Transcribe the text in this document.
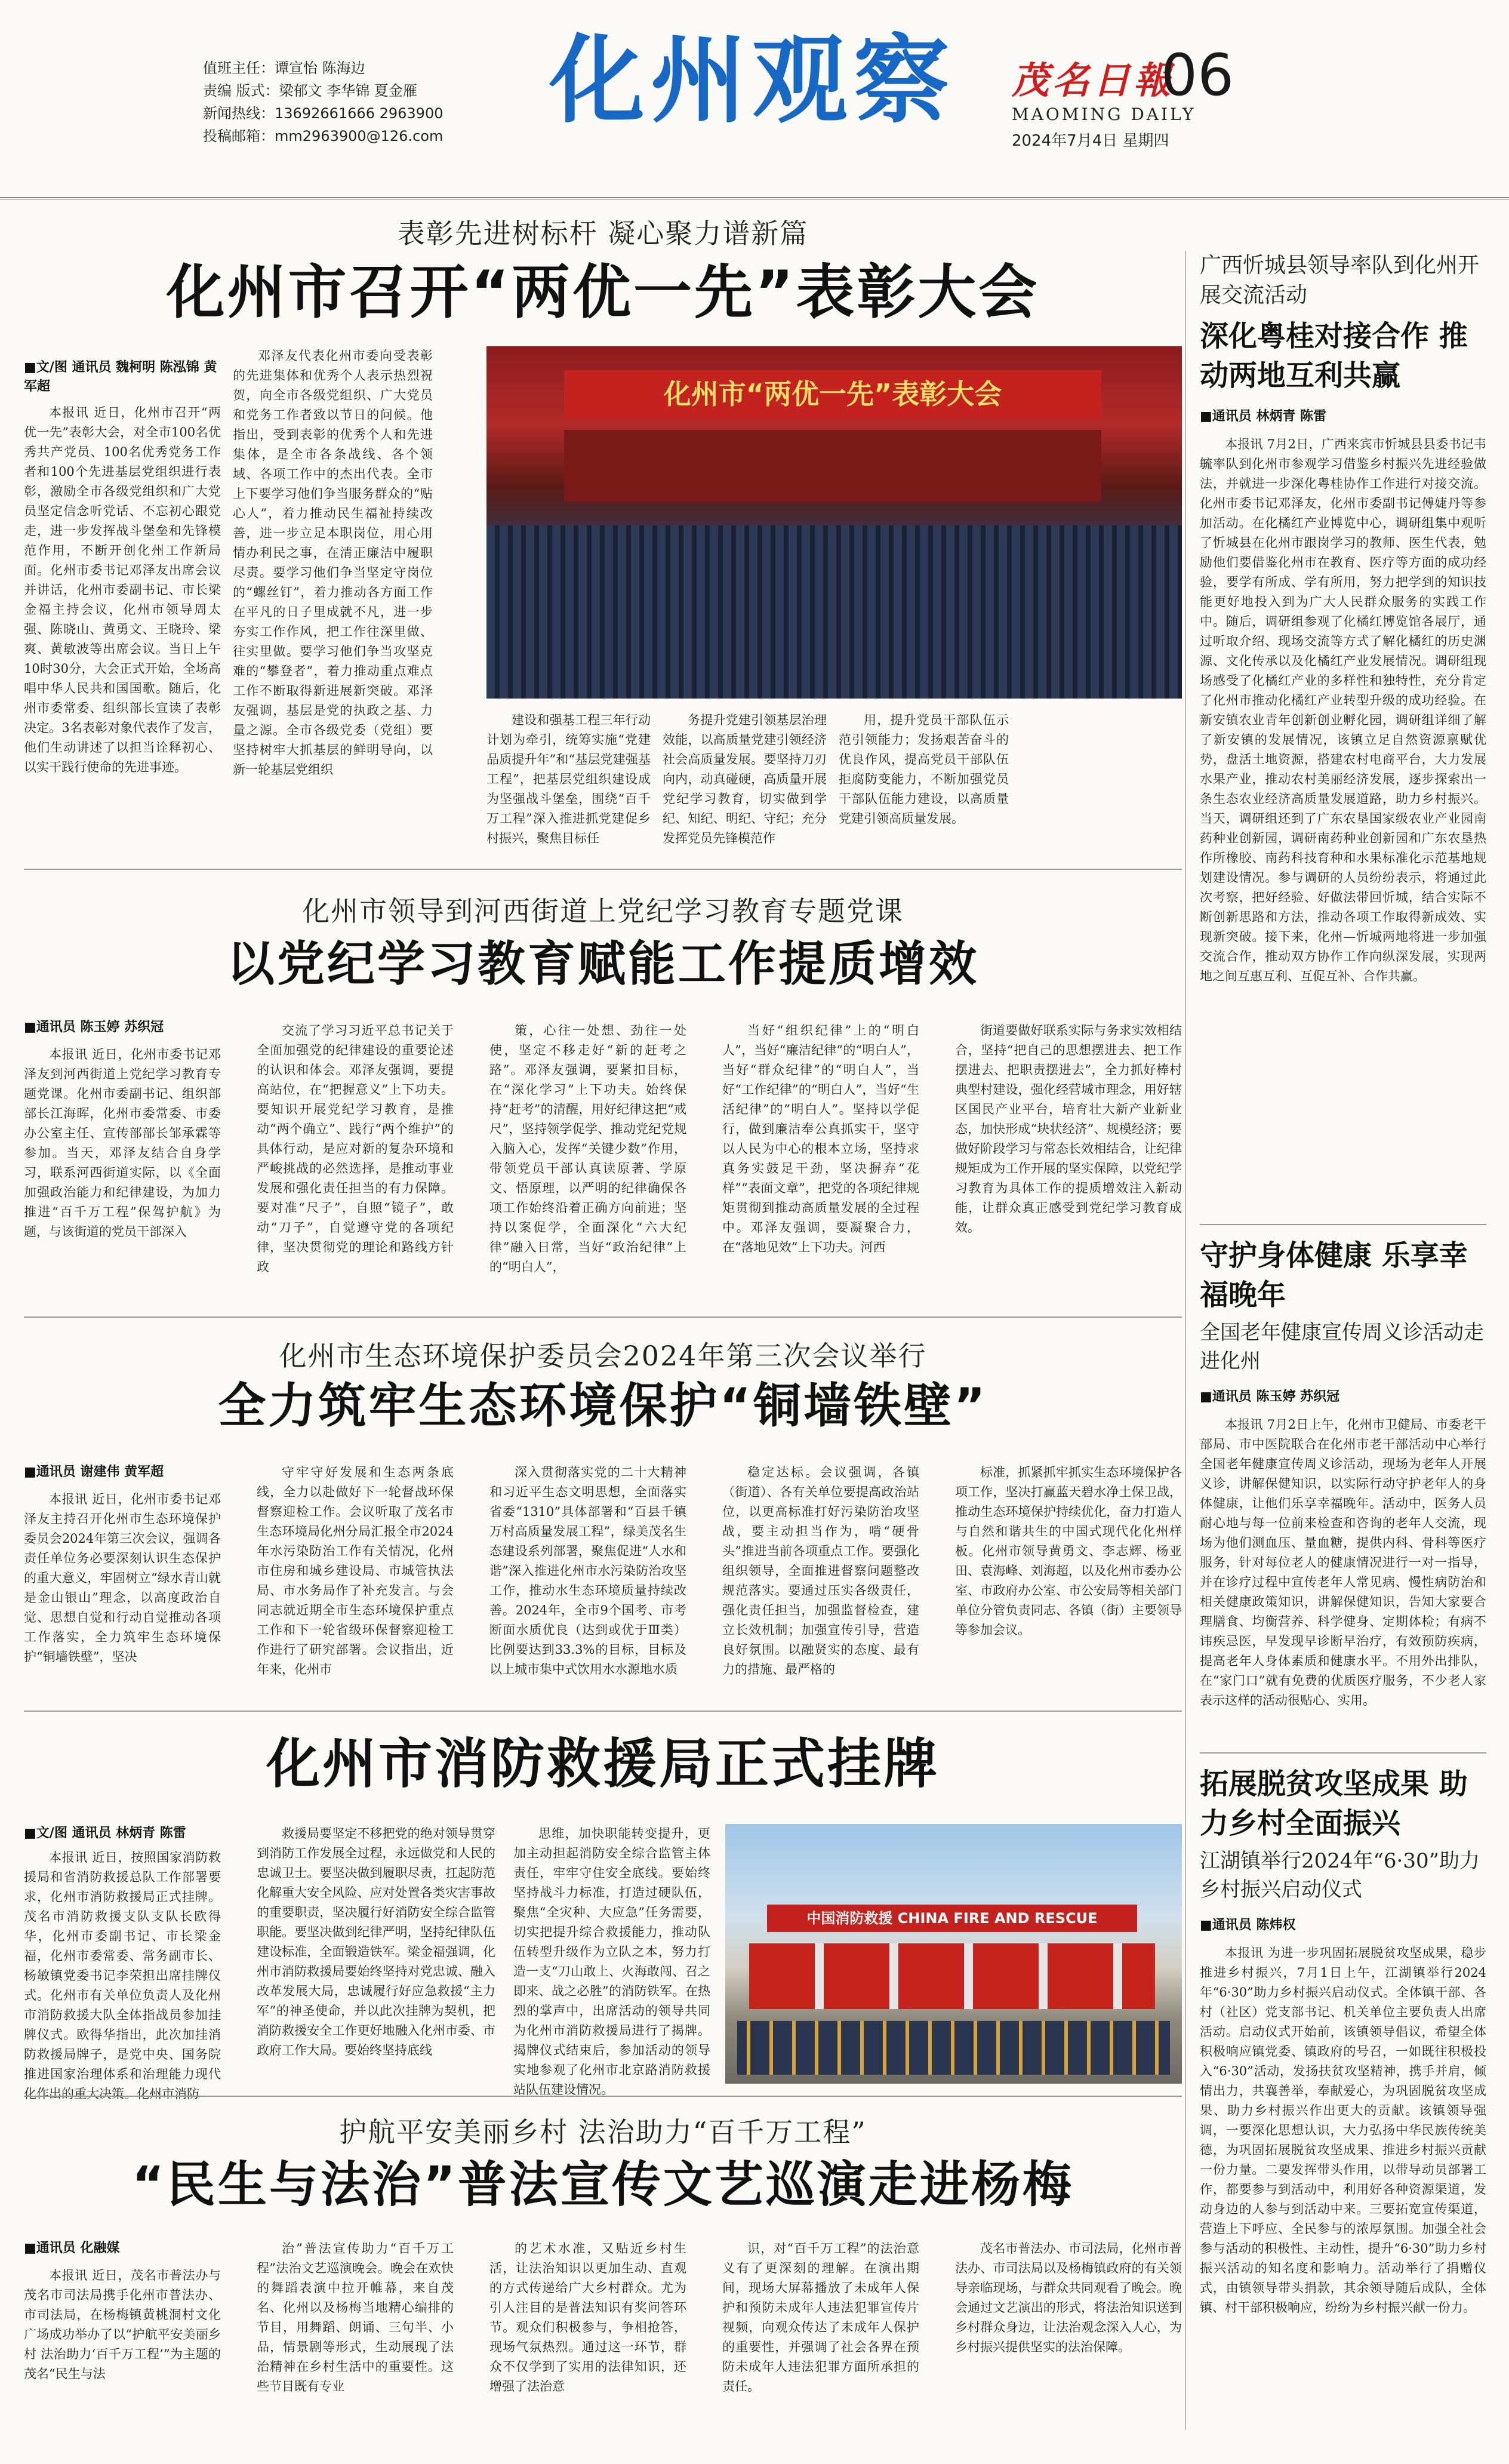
值班主任：谭宣怡 陈海边
责编 版式：梁郁文 李华锦 夏金雁
新闻热线：13692661666 2963900
投稿邮箱：mm2963900@126.com	化州观察	茂名日報
06
MAOMING DAILY
2024年7月4日 星期四
表彰先进树标杆 凝心聚力谱新篇
化州市召开“两优一先”表彰大会
■文/图 通讯员 魏柯明 陈泓锦 黄军超

本报讯 近日，化州市召开“两优一先”表彰大会，对全市100名优秀共产党员、100名优秀党务工作者和100个先进基层党组织进行表彰，激励全市各级党组织和广大党员坚定信念听党话、不忘初心跟党走，进一步发挥战斗堡垒和先锋模范作用，不断开创化州工作新局面。化州市委书记邓泽友出席会议并讲话，化州市委副书记、市长梁金福主持会议，化州市领导周太强、陈晓山、黄勇文、王晓玲、梁爽、黄敏波等出席会议。当日上午10时30分，大会正式开始，全场高唱中华人民共和国国歌。随后，化州市委常委、组织部长宣读了表彰决定。3名表彰对象代表作了发言，他们生动讲述了以担当诠释初心、以实干践行使命的先进事迹。

邓泽友代表化州市委向受表彰的先进集体和优秀个人表示热烈祝贺，向全市各级党组织、广大党员和党务工作者致以节日的问候。他指出，受到表彰的优秀个人和先进集体，是全市各条战线、各个领域、各项工作中的杰出代表。全市上下要学习他们争当服务群众的“贴心人”，着力推动民生福祉持续改善，进一步立足本职岗位，用心用情办利民之事，在清正廉洁中履职尽责。要学习他们争当坚定守岗位的“螺丝钉”，着力推动各方面工作在平凡的日子里成就不凡，进一步夯实工作作风，把工作往深里做、往实里做。要学习他们争当攻坚克难的“攀登者”，着力推动重点难点工作不断取得新进展新突破。邓泽友强调，基层是党的执政之基、力量之源。全市各级党委（党组）要坚持树牢大抓基层的鲜明导向，以新一轮基层党组织

化州市“两优一先”表彰大会

建设和强基工程三年行动计划为牵引，统筹实施“党建品质提升年”和“基层党建强基工程”，把基层党组织建设成为坚强战斗堡垒，围绕“百千万工程”深入推进抓党建促乡村振兴，聚焦目标任

务提升党建引领基层治理效能，以高质量党建引领经济社会高质量发展。要坚持刀刃向内，动真碰硬，高质量开展党纪学习教育，切实做到学纪、知纪、明纪、守纪；充分发挥党员先锋模范作

用，提升党员干部队伍示范引领能力；发扬艰苦奋斗的优良作风，提高党员干部队伍拒腐防变能力，不断加强党员干部队伍能力建设，以高质量党建引领高质量发展。

化州市领导到河西街道上党纪学习教育专题党课
以党纪学习教育赋能工作提质增效
■通讯员 陈玉婷 苏织冠

本报讯 近日，化州市委书记邓泽友到河西街道上党纪学习教育专题党课。化州市委副书记、组织部部长江海晖，化州市委常委、市委办公室主任、宣传部部长邹承霖等参加。当天，邓泽友结合自身学习，联系河西街道实际，以《全面加强政治能力和纪律建设，为加力推进“百千万工程”保驾护航》为题，与该街道的党员干部深入

交流了学习习近平总书记关于全面加强党的纪律建设的重要论述的认识和体会。邓泽友强调，要提高站位，在“把握意义”上下功夫。要知识开展党纪学习教育，是推动“两个确立”、践行“两个维护”的具体行动，是应对新的复杂环境和严峻挑战的必然选择，是推动事业发展和强化责任担当的有力保障。要对准“尺子”，自照“镜子”，敢动“刀子”，自觉遵守党的各项纪律，坚决贯彻党的理论和路线方针政

策，心往一处想、劲往一处使，坚定不移走好“新的赶考之路”。邓泽友强调，要紧扣目标，在“深化学习”上下功夫。始终保持“赶考”的清醒，用好纪律这把“戒尺”，坚持领学促学、推动党纪党规入脑入心，发挥“关键少数”作用，带领党员干部认真读原著、学原文、悟原理，以严明的纪律确保各项工作始终沿着正确方向前进；坚持以案促学，全面深化“六大纪律”融入日常，当好“政治纪律”上的“明白人”，

当好“组织纪律”上的“明白人”，当好“廉洁纪律”的“明白人”，当好“群众纪律”的“明白人”，当好“工作纪律”的“明白人”，当好“生活纪律”的“明白人”。坚持以学促行，做到廉洁奉公真抓实干，坚守以人民为中心的根本立场，坚持求真务实鼓足干劲，坚决摒弃“花样”“表面文章”，把党的各项纪律规矩贯彻到推动高质量发展的全过程中。邓泽友强调，要凝聚合力，在“落地见效”上下功夫。河西

街道要做好联系实际与务求实效相结合，坚持“把自己的思想摆进去、把工作摆进去、把职责摆进去”，全力抓好棒村典型村建设，强化经营城市理念，用好辖区国民产业平台，培育壮大新产业新业态，加快形成“块状经济”、规模经济；要做好阶段学习与常态长效相结合，让纪律规矩成为工作开展的坚实保障，以党纪学习教育为具体工作的提质增效注入新动能，让群众真正感受到党纪学习教育成效。

化州市生态环境保护委员会2024年第三次会议举行
全力筑牢生态环境保护“铜墙铁壁”
■通讯员 谢建伟 黄军超

本报讯 近日，化州市委书记邓泽友主持召开化州市生态环境保护委员会2024年第三次会议，强调各责任单位务必要深刻认识生态保护的重大意义，牢固树立“绿水青山就是金山银山”理念，以高度政治自觉、思想自觉和行动自觉推动各项工作落实，全力筑牢生态环境保护“铜墙铁壁”，坚决

守牢守好发展和生态两条底线，全力以赴做好下一轮督战环保督察迎检工作。会议听取了茂名市生态环境局化州分局汇报全市2024年水污染防治工作有关情况，化州市住房和城乡建设局、市城管执法局、市水务局作了补充发言。与会同志就近期全市生态环境保护重点工作和下一轮省级环保督察迎检工作进行了研究部署。会议指出，近年来，化州市

深入贯彻落实党的二十大精神和习近平生态文明思想，全面落实省委“1310”具体部署和“百县千镇万村高质量发展工程”，绿美茂名生态建设系列部署，聚焦促进“人水和谐”深入推进化州市水污染防治攻坚工作，推动水生态环境质量持续改善。2024年，全市9个国考、市考断面水质优良（达到或优于Ⅲ类）比例要达到33.3%的目标，目标及以上城市集中式饮用水水源地水质

稳定达标。会议强调，各镇（街道）、各有关单位要提高政治站位，以更高标准打好污染防治攻坚战，要主动担当作为，啃“硬骨头”推进当前各项重点工作。要强化组织领导，全面推进督察问题整改规范落实。要通过压实各级责任，强化责任担当，加强监督检查，建立长效机制；加强宣传引导，营造良好氛围。以融贤实的态度、最有力的措施、最严格的

标准，抓紧抓牢抓实生态环境保护各项工作，坚决打赢蓝天碧水净土保卫战，推动生态环境保护持续优化，奋力打造人与自然和谐共生的中国式现代化化州样板。化州市领导黄勇文、李志辉、杨亚田、袁海峰、刘海超，以及化州市委办公室、市政府办公室、市公安局等相关部门单位分管负责同志、各镇（街）主要领导等参加会议。

化州市消防救援局正式挂牌
■文/图 通讯员 林炳青 陈雷

本报讯 近日，按照国家消防救援局和省消防救援总队工作部署要求，化州市消防救援局正式挂牌。茂名市消防救援支队支队长欧得华，化州市委副书记、市长梁金福，化州市委常委、常务副市长、杨敏镇党委书记李荣担出席挂牌仪式。化州市有关单位负责人及化州市消防救援大队全体指战员参加挂牌仪式。欧得华指出，此次加挂消防救援局牌子，是党中央、国务院推进国家治理体系和治理能力现代化作出的重大决策。化州市消防

救援局要坚定不移把党的绝对领导贯穿到消防工作发展全过程，永远做党和人民的忠诚卫士。要坚决做到履职尽责，扛起防范化解重大安全风险、应对处置各类灾害事故的重要职责，坚决履行好消防安全综合监管职能。要坚决做到纪律严明，坚持纪律队伍建设标准，全面锻造铁军。梁金福强调，化州市消防救援局要始终坚持对党忠诚、融入改革发展大局，忠诚履行好应急救援“主力军”的神圣使命，并以此次挂牌为契机，把消防救援安全工作更好地融入化州市委、市政府工作大局。要始终坚持底线

思维，加快职能转变提升，更加主动担起消防安全综合监管主体责任，牢牢守住安全底线。要始终坚持战斗力标准，打造过硬队伍，聚焦“全灾种、大应急”任务需要，切实把提升综合救援能力，推动队伍转型升级作为立队之本，努力打造一支“刀山敢上、火海敢闯、召之即来、战之必胜”的消防铁军。在热烈的掌声中，出席活动的领导共同为化州市消防救援局进行了揭牌。揭牌仪式结束后，参加活动的领导实地参观了化州市北京路消防救援站队伍建设情况。

中国消防救援 CHINA FIRE AND RESCUE
护航平安美丽乡村 法治助力“百千万工程”
“民生与法治”普法宣传文艺巡演走进杨梅
■通讯员 化融媒

本报讯 近日，茂名市普法办与茂名市司法局携手化州市普法办、市司法局，在杨梅镇黄桃洞村文化广场成功举办了以“护航平安美丽乡村 法治助力‘百千万工程’”为主题的茂名“民生与法

治”普法宣传助力“百千万工程”法治文艺巡演晚会。晚会在欢快的舞蹈表演中拉开帷幕，来自茂名、化州以及杨梅当地精心编排的节目，用舞蹈、朗诵、三句半、小品，情景剧等形式，生动展现了法治精神在乡村生活中的重要性。这些节目既有专业

的艺术水准，又贴近乡村生活，让法治知识以更加生动、直观的方式传递给广大乡村群众。尤为引人注目的是普法知识有奖问答环节。观众们积极参与，争相抢答，现场气氛热烈。通过这一环节，群众不仅学到了实用的法律知识，还增强了法治意

识，对“百千万工程”的法治意义有了更深刻的理解。在演出期间，现场大屏幕播放了未成年人保护和预防未成年人违法犯罪宣传片视频，向观众传达了未成年人保护的重要性，并强调了社会各界在预防未成年人违法犯罪方面所承担的责任。

茂名市普法办、市司法局，化州市普法办、市司法局以及杨梅镇政府的有关领导亲临现场，与群众共同观看了晚会。晚会通过文艺演出的形式，将法治知识送到乡村群众身边，让法治观念深入人心，为乡村振兴提供坚实的法治保障。

广西忻城县领导率队到化州开展交流活动
深化粤桂对接合作 推动两地互利共赢
■通讯员 林炳青 陈雷

本报讯 7月2日，广西来宾市忻城县县委书记韦毓率队到化州市参观学习借鉴乡村振兴先进经验做法，并就进一步深化粤桂协作工作进行对接交流。化州市委书记邓泽友，化州市委副书记傅婕丹等参加活动。在化橘红产业博览中心，调研组集中观听了忻城县在化州市跟岗学习的教师、医生代表，勉励他们要借鉴化州市在教育、医疗等方面的成功经验，要学有所成、学有所用，努力把学到的知识技能更好地投入到为广大人民群众服务的实践工作中。随后，调研组参观了化橘红博览馆各展厅，通过听取介绍、现场交流等方式了解化橘红的历史渊源、文化传承以及化橘红产业发展情况。调研组现场感受了化橘红产业的多样性和独特性，充分肯定了化州市推动化橘红产业转型升级的成功经验。在新安镇农业青年创新创业孵化园，调研组详细了解了新安镇的发展情况，该镇立足自然资源禀赋优势，盘活土地资源，搭建农村电商平台，大力发展水果产业，推动农村美丽经济发展，逐步探索出一条生态农业经济高质量发展道路，助力乡村振兴。当天，调研组还到了广东农垦国家级农业产业园南药种业创新园，调研南药种业创新园和广东农垦热作所橡胶、南药科技育种和水果标准化示范基地规划建设情况。参与调研的人员纷纷表示，将通过此次考察，把好经验、好做法带回忻城，结合实际不断创新思路和方法，推动各项工作取得新成效、实现新突破。接下来，化州—忻城两地将进一步加强交流合作，推动双方协作工作向纵深发展，实现两地之间互惠互利、互促互补、合作共赢。

守护身体健康 乐享幸福晚年
全国老年健康宣传周义诊活动走进化州
■通讯员 陈玉婷 苏织冠

本报讯 7月2日上午，化州市卫健局、市委老干部局、市中医院联合在化州市老干部活动中心举行全国老年健康宣传周义诊活动，现场为老年人开展义诊，讲解保健知识，以实际行动守护老年人的身体健康，让他们乐享幸福晚年。活动中，医务人员耐心地与每一位前来检查和咨询的老年人交流，现场为他们测血压、量血糖，提供内科、骨科等医疗服务，针对每位老人的健康情况进行一对一指导，并在诊疗过程中宣传老年人常见病、慢性病防治和相关健康政策知识，讲解保健知识，告知大家要合理膳食、均衡营养、科学健身、定期体检；有病不讳疾忌医，早发现早诊断早治疗，有效预防疾病，提高老年人身体素质和健康水平。不用外出排队，在“家门口”就有免费的优质医疗服务，不少老人家表示这样的活动很贴心、实用。

拓展脱贫攻坚成果 助力乡村全面振兴
江湖镇举行2024年“6·30”助力乡村振兴启动仪式
■通讯员 陈炜权

本报讯 为进一步巩固拓展脱贫攻坚成果，稳步推进乡村振兴，7月1日上午，江湖镇举行2024年“6·30”助力乡村振兴启动仪式。全体镇干部、各村（社区）党支部书记、机关单位主要负责人出席活动。启动仪式开始前，该镇领导倡议，希望全体积极响应镇党委、镇政府的号召，一如既往积极投入“6·30”活动，发扬扶贫攻坚精神，携手并肩，倾情出力，共襄善举，奉献爱心，为巩固脱贫攻坚成果、助力乡村振兴作出更大的贡献。该镇领导强调，一要深化思想认识，大力弘扬中华民族传统美德，为巩固拓展脱贫攻坚成果、推进乡村振兴贡献一份力量。二要发挥带头作用，以带导动员部署工作，都要参与到活动中，利用好各种资源渠道，发动身边的人参与到活动中来。三要拓宽宣传渠道，营造上下呼应、全民参与的浓厚氛围。加强全社会参与活动的积极性、主动性，提升“6·30”助力乡村振兴活动的知名度和影响力。活动举行了捐赠仪式，由镇领导带头捐款，其余领导随后成队，全体镇、村干部积极响应，纷纷为乡村振兴献一份力。
